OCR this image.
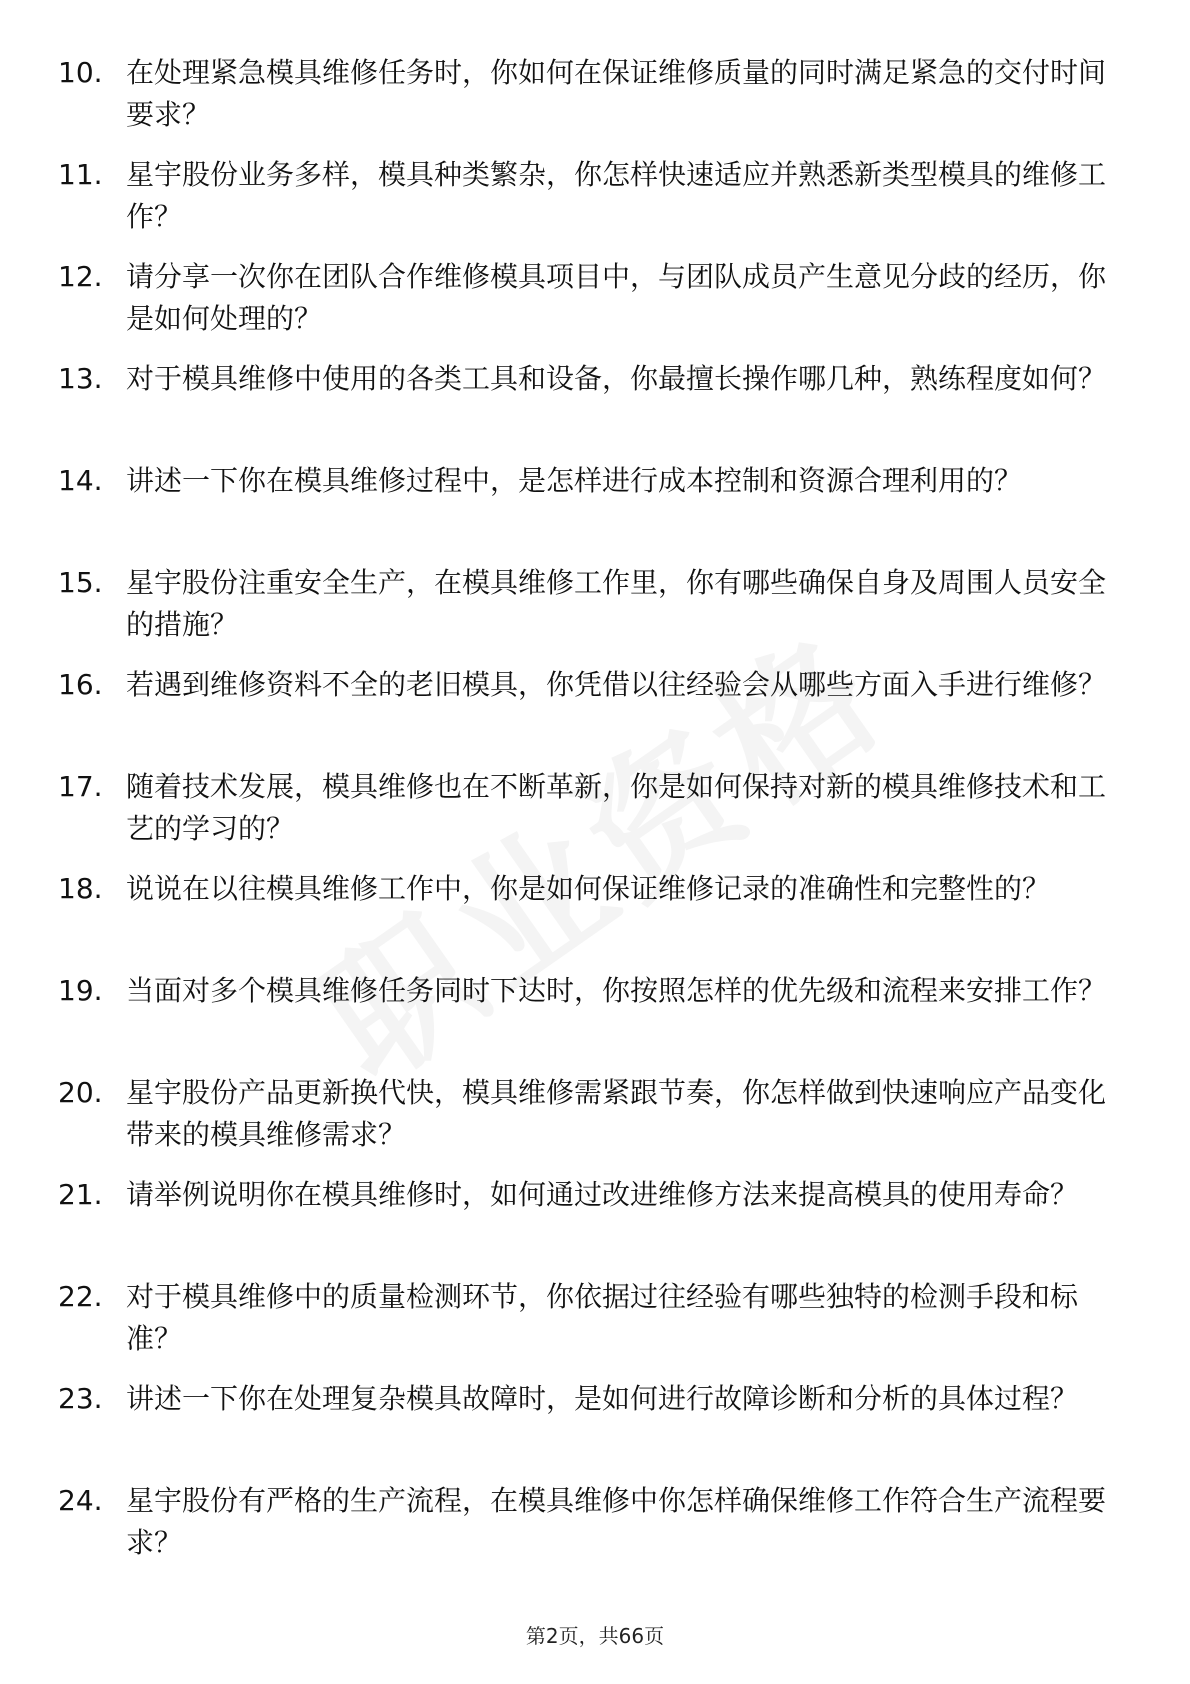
10. 在处理紧急模具维修任务时，你如何在保证维修质量的同时满足紧急的交付时间要求？
11. 星宇股份业务多样，模具种类繁杂，你怎样快速适应并熟悉新类型模具的维修工作？
12. 请分享一次你在团队合作维修模具项目中，与团队成员产生意见分歧的经历，你是如何处理的？
13. 对于模具维修中使用的各类工具和设备，你最擅长操作哪几种，熟练程度如何？
14. 讲述一下你在模具维修过程中，是怎样进行成本控制和资源合理利用的？
15. 星宇股份注重安全生产，在模具维修工作里，你有哪些确保自身及周围人员安全的措施？
16. 若遇到维修资料不全的老旧模具，你凭借以往经验会从哪些方面入手进行维修？
17. 随着技术发展，模具维修也在不断革新，你是如何保持对新的模具维修技术和工艺的学习的？
18. 说说在以往模具维修工作中，你是如何保证维修记录的准确性和完整性的？
19. 当面对多个模具维修任务同时下达时，你按照怎样的优先级和流程来安排工作？
20. 星宇股份产品更新换代快，模具维修需紧跟节奏，你怎样做到快速响应产品变化带来的模具维修需求？
21. 请举例说明你在模具维修时，如何通过改进维修方法来提高模具的使用寿命？
22. 对于模具维修中的质量检测环节，你依据过往经验有哪些独特的检测手段和标准？
23. 讲述一下你在处理复杂模具故障时，是如何进行故障诊断和分析的具体过程？
24. 星宇股份有严格的生产流程，在模具维修中你怎样确保维修工作符合生产流程要求？
第2页，共66页
